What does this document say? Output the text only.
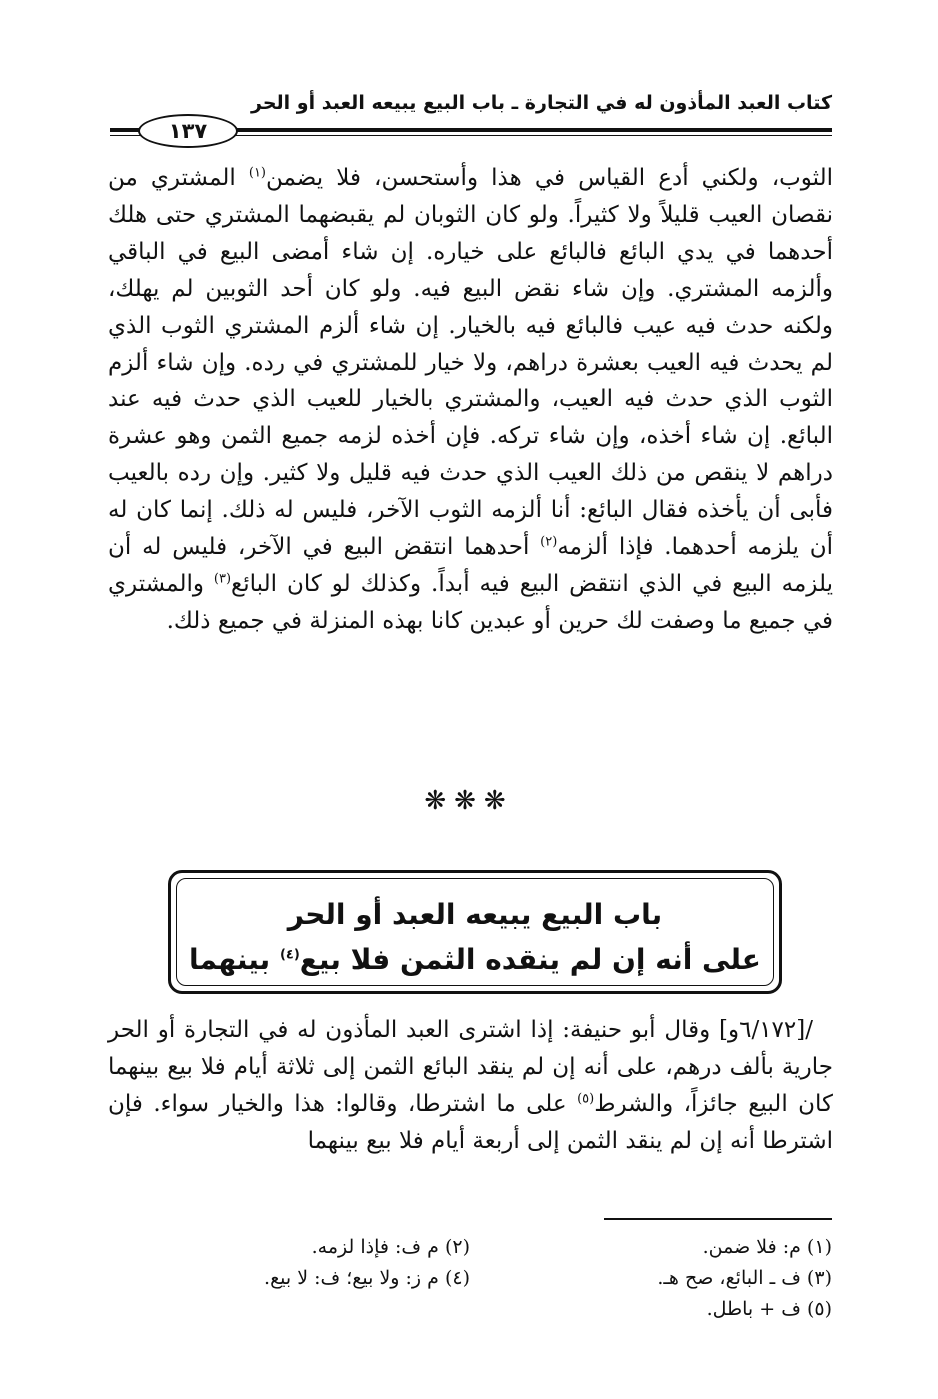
كتاب العبد المأذون له في التجارة ـ باب البيع يبيعه العبد أو الحر
١٣٧

الثوب، ولكني أدع القياس في هذا وأستحسن، فلا يضمن$^{(١)}$ المشتري من نقصان العيب قليلاً ولا كثيراً. ولو كان الثوبان لم يقبضهما المشتري حتى هلك أحدهما في يدي البائع فالبائع على خياره. إن شاء أمضى البيع في الباقي وألزمه المشتري. وإن شاء نقض البيع فيه. ولو كان أحد الثوبين لم يهلك، ولكنه حدث فيه عيب فالبائع فيه بالخيار. إن شاء ألزم المشتري الثوب الذي لم يحدث فيه العيب بعشرة دراهم، ولا خيار للمشتري في رده. وإن شاء ألزم الثوب الذي حدث فيه العيب، والمشتري بالخيار للعيب الذي حدث فيه عند البائع. إن شاء أخذه، وإن شاء تركه. فإن أخذه لزمه جميع الثمن وهو عشرة دراهم لا ينقص من ذلك العيب الذي حدث فيه قليل ولا كثير. وإن رده بالعيب فأبى أن يأخذه فقال البائع: أنا ألزمه الثوب الآخر، فليس له ذلك. إنما كان له أن يلزمه أحدهما. فإذا ألزمه$^{(٢)}$ أحدهما انتقض البيع في الآخر، فليس له أن يلزمه البيع في الذي انتقض البيع فيه أبداً. وكذلك لو كان البائع$^{(٣)}$ والمشتري في جميع ما وصفت لك حرين أو عبدين كانا بهذه المنزلة في جميع ذلك.

❋❋❋
باب البيع يبيعه العبد أو الحر
على أنه إن لم ينقده الثمن فلا بيع$^{(٤)}$ بينهما

/[٦/١٧٢و] وقال أبو حنيفة: إذا اشترى العبد المأذون له في التجارة أو الحر جارية بألف درهم، على أنه إن لم ينقد البائع الثمن إلى ثلاثة أيام فلا بيع بينهما كان البيع جائزاً، والشرط$^{(٥)}$ على ما اشترطا، وقالوا: هذا والخيار سواء. فإن اشترطا أنه إن لم ينقد الثمن إلى أربعة أيام فلا بيع بينهما

(١) م: فلا ضمن.
(٢) م ف: فإذا لزمه.
(٣) ف ـ البائع، صح هـ.
(٤) م ز: ولا بيع؛ ف: لا بيع.
(٥) ف + باطل.
